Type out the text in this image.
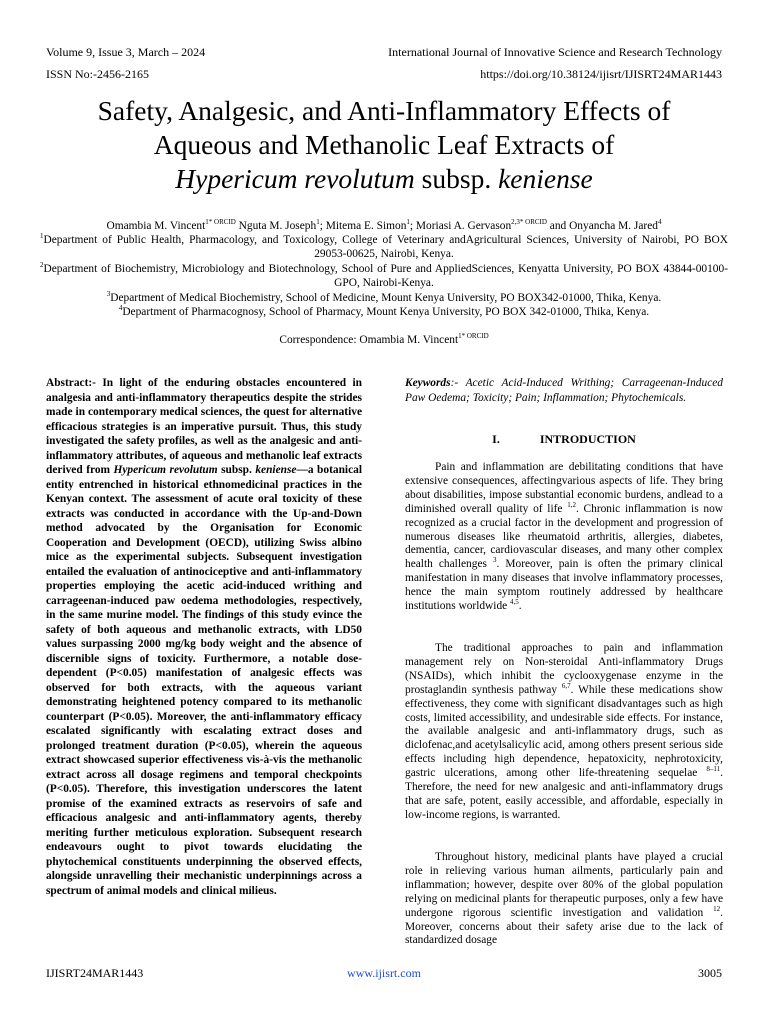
Volume 9, Issue 3, March – 2024
ISSN No:-2456-2165
International Journal of Innovative Science and Research Technology
https://doi.org/10.38124/ijisrt/IJISRT24MAR1443
Safety, Analgesic, and Anti-Inflammatory Effects of
Aqueous and Methanolic Leaf Extracts of
Hypericum revolutum subsp. keniense
Omambia M. Vincent$^{1* ORCID}$ Nguta M. Joseph$^1$; Mitema E. Simon$^1$; Moriasi A. Gervason$^{2,3* ORCID}$ and Onyancha M. Jared$^4$
$^1$Department of Public Health, Pharmacology, and Toxicology, College of Veterinary andAgricultural Sciences, University of Nairobi, PO BOX 29053-00625, Nairobi, Kenya.
$^2$Department of Biochemistry, Microbiology and Biotechnology, School of Pure and AppliedSciences, Kenyatta University, PO BOX 43844-00100-GPO, Nairobi-Kenya.
$^3$Department of Medical Biochemistry, School of Medicine, Mount Kenya University, PO BOX342-01000, Thika, Kenya.
$^4$Department of Pharmacognosy, School of Pharmacy, Mount Kenya University, PO BOX 342-01000, Thika, Kenya.
Correspondence: Omambia M. Vincent$^{1* ORCID}$

Abstract:- In light of the enduring obstacles encountered in analgesia and anti-inflammatory therapeutics despite the strides made in contemporary medical sciences, the quest for alternative efficacious strategies is an imperative pursuit. Thus, this study investigated the safety profiles, as well as the analgesic and anti-inflammatory attributes, of aqueous and methanolic leaf extracts derived from Hypericum revolutum subsp. keniense—a botanical entity entrenched in historical ethnomedicinal practices in the Kenyan context. The assessment of acute oral toxicity of these extracts was conducted in accordance with the Up-and-Down method advocated by the Organisation for Economic Cooperation and Development (OECD), utilizing Swiss albino mice as the experimental subjects. Subsequent investigation entailed the evaluation of antinociceptive and anti-inflammatory properties employing the acetic acid-induced writhing and carrageenan-induced paw oedema methodologies, respectively, in the same murine model. The findings of this study evince the safety of both aqueous and methanolic extracts, with LD50 values surpassing 2000 mg/kg body weight and the absence of discernible signs of toxicity. Furthermore, a notable dose-dependent (P<0.05) manifestation of analgesic effects was observed for both extracts, with the aqueous variant demonstrating heightened potency compared to its methanolic counterpart (P<0.05). Moreover, the anti-inflammatory efficacy escalated significantly with escalating extract doses and prolonged treatment duration (P<0.05), wherein the aqueous extract showcased superior effectiveness vis-à-vis the methanolic extract across all dosage regimens and temporal checkpoints (P<0.05). Therefore, this investigation underscores the latent promise of the examined extracts as reservoirs of safe and efficacious analgesic and anti-inflammatory agents, thereby meriting further meticulous exploration. Subsequent research endeavours ought to pivot towards elucidating the phytochemical constituents underpinning the observed effects, alongside unravelling their mechanistic underpinnings across a spectrum of animal models and clinical milieus.

Keywords:- Acetic Acid-Induced Writhing; Carrageenan-Induced Paw Oedema; Toxicity; Pain; Inflammation; Phytochemicals.

I.	INTRODUCTION

Pain and inflammation are debilitating conditions that have extensive consequences, affectingvarious aspects of life. They bring about disabilities, impose substantial economic burdens, andlead to a diminished overall quality of life $^{1,2}$. Chronic inflammation is now recognized as a crucial factor in the development and progression of numerous diseases like rheumatoid arthritis, allergies, diabetes, dementia, cancer, cardiovascular diseases, and many other complex health challenges $^3$. Moreover, pain is often the primary clinical manifestation in many diseases that involve inflammatory processes, hence the main symptom routinely addressed by healthcare institutions worldwide $^{4,5}$.

The traditional approaches to pain and inflammation management rely on Non-steroidal Anti-inflammatory Drugs (NSAIDs), which inhibit the cyclooxygenase enzyme in the prostaglandin synthesis pathway $^{6,7}$. While these medications show effectiveness, they come with significant disadvantages such as high costs, limited accessibility, and undesirable side effects. For instance, the available analgesic and anti-inflammatory drugs, such as diclofenac,and acetylsalicylic acid, among others present serious side effects including high dependence, hepatoxicity, nephrotoxicity, gastric ulcerations, among other life-threatening sequelae $^{8-11}$. Therefore, the need for new analgesic and anti-inflammatory drugs that are safe, potent, easily accessible, and affordable, especially in low-income regions, is warranted.

Throughout history, medicinal plants have played a crucial role in relieving various human ailments, particularly pain and inflammation; however, despite over 80% of the global population relying on medicinal plants for therapeutic purposes, only a few have undergone rigorous scientific investigation and validation $^{12}$. Moreover, concerns about their safety arise due to the lack of standardized dosage

IJISRT24MAR1443	www.ijisrt.com	3005
